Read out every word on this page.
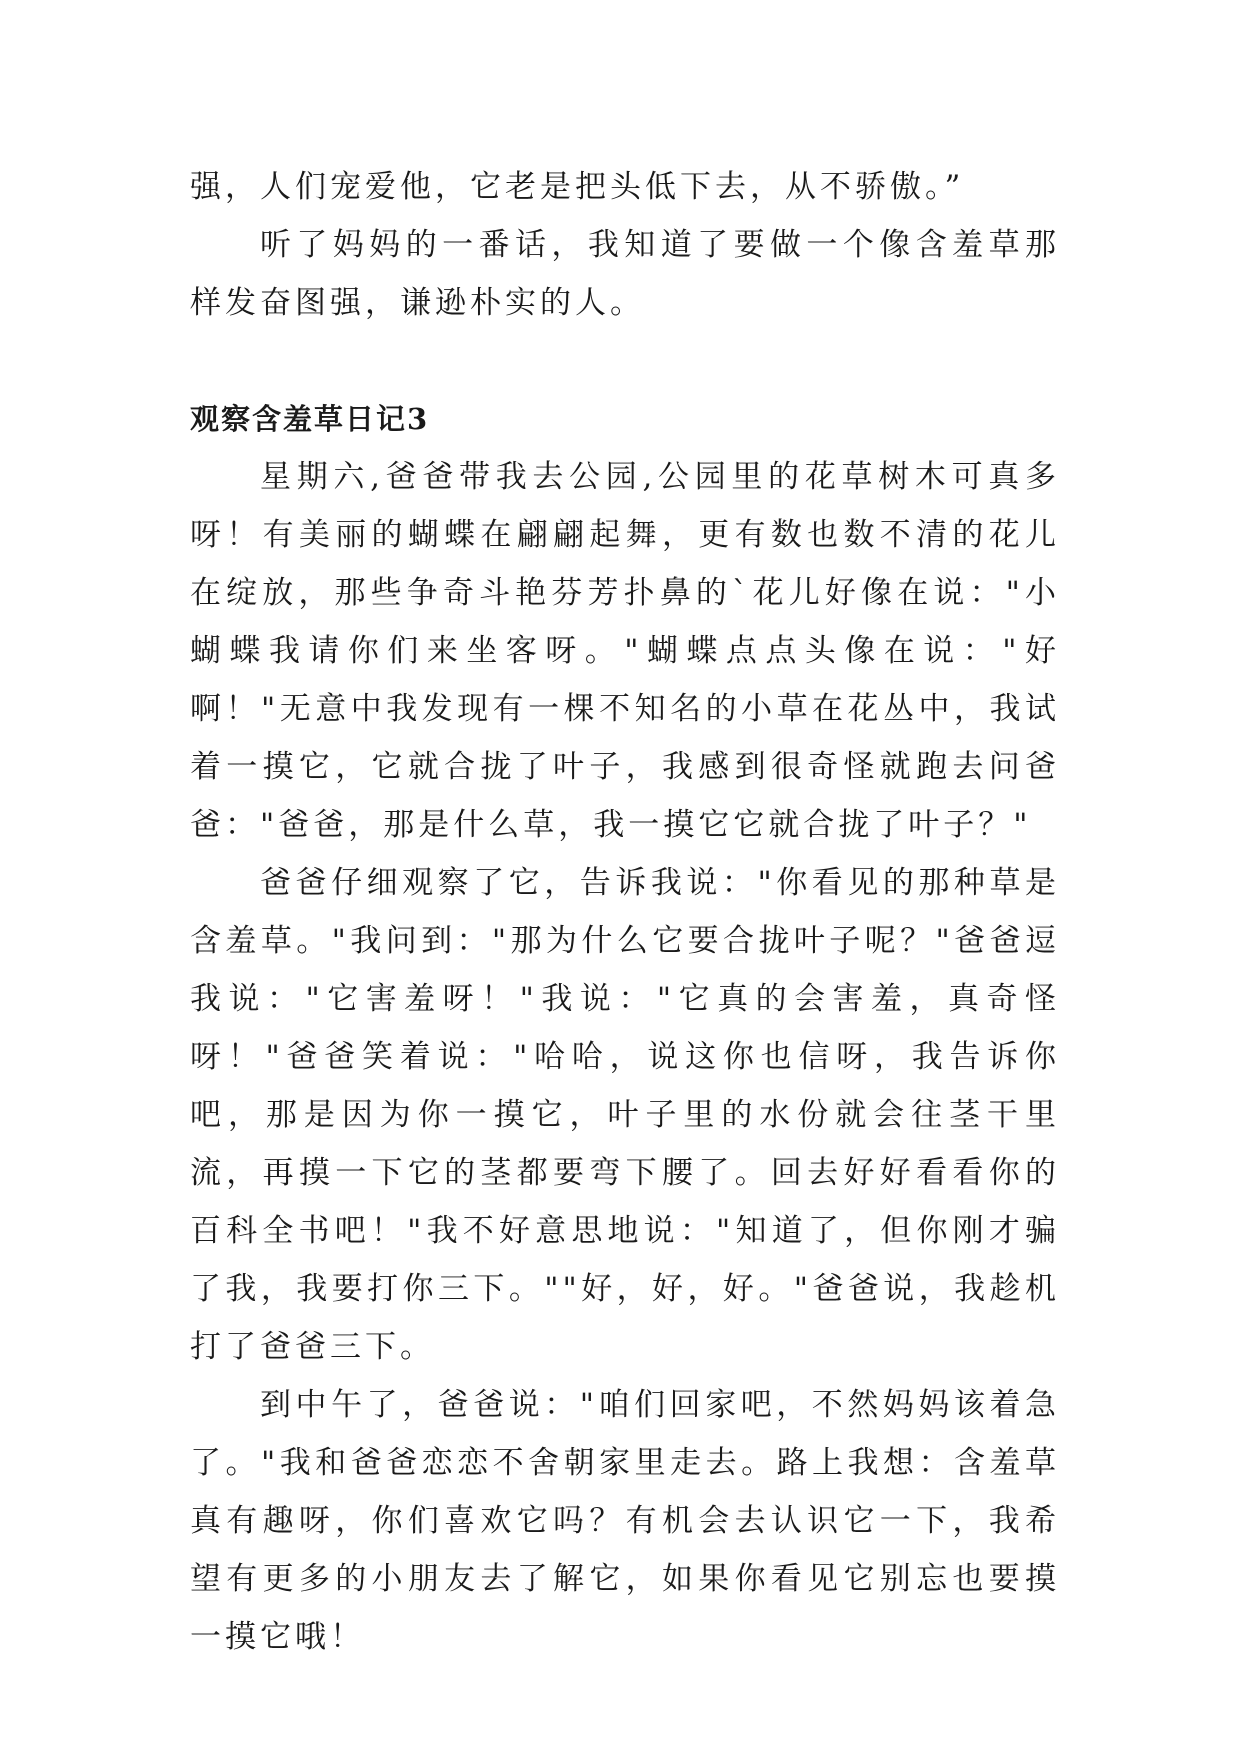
强，人们宠爱他，它老是把头低下去，从不骄傲。”

听了妈妈的一番话，我知道了要做一个像含羞草那样发奋图强，谦逊朴实的人。

观察含羞草日记3

星期六,爸爸带我去公园,公园里的花草树木可真多呀！有美丽的蝴蝶在翩翩起舞，更有数也数不清的花儿在绽放，那些争奇斗艳芬芳扑鼻的`花儿好像在说："小蝴蝶我请你们来坐客呀。"蝴蝶点点头像在说："好啊！"无意中我发现有一棵不知名的小草在花丛中，我试着一摸它，它就合拢了叶子，我感到很奇怪就跑去问爸爸："爸爸，那是什么草，我一摸它它就合拢了叶子？"

爸爸仔细观察了它，告诉我说："你看见的那种草是含羞草。"我问到："那为什么它要合拢叶子呢？"爸爸逗我说："它害羞呀！"我说："它真的会害羞，真奇怪呀！"爸爸笑着说："哈哈，说这你也信呀，我告诉你吧，那是因为你一摸它，叶子里的水份就会往茎干里流，再摸一下它的茎都要弯下腰了。回去好好看看你的百科全书吧！"我不好意思地说："知道了，但你刚才骗了我，我要打你三下。""好，好，好。"爸爸说，我趁机打了爸爸三下。

到中午了，爸爸说："咱们回家吧，不然妈妈该着急了。"我和爸爸恋恋不舍朝家里走去。路上我想：含羞草真有趣呀，你们喜欢它吗？有机会去认识它一下，我希望有更多的小朋友去了解它，如果你看见它别忘也要摸一摸它哦！
